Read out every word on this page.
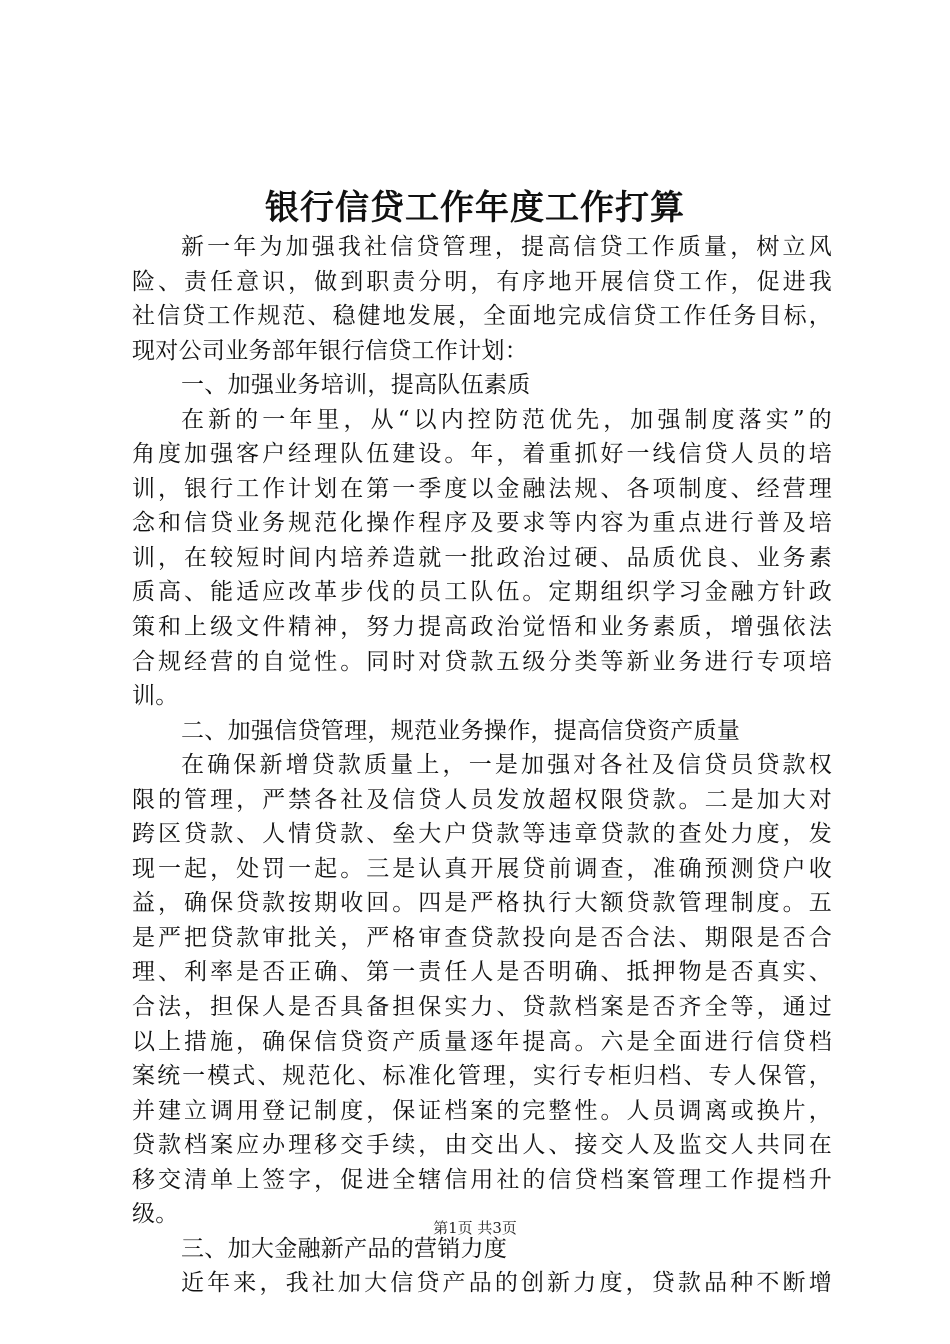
银行信贷工作年度工作打算
新一年为加强我社信贷管理，提高信贷工作质量，树立风
险、责任意识，做到职责分明，有序地开展信贷工作，促进我
社信贷工作规范、稳健地发展，全面地完成信贷工作任务目标，
现对公司业务部年银行信贷工作计划：
一、加强业务培训，提高队伍素质
在新的一年里，从“以内控防范优先，加强制度落实”的
角度加强客户经理队伍建设。年，着重抓好一线信贷人员的培
训，银行工作计划在第一季度以金融法规、各项制度、经营理
念和信贷业务规范化操作程序及要求等内容为重点进行普及培
训，在较短时间内培养造就一批政治过硬、品质优良、业务素
质高、能适应改革步伐的员工队伍。定期组织学习金融方针政
策和上级文件精神，努力提高政治觉悟和业务素质，增强依法
合规经营的自觉性。同时对贷款五级分类等新业务进行专项培
训。
二、加强信贷管理，规范业务操作，提高信贷资产质量
在确保新增贷款质量上，一是加强对各社及信贷员贷款权
限的管理，严禁各社及信贷人员发放超权限贷款。二是加大对
跨区贷款、人情贷款、垒大户贷款等违章贷款的查处力度，发
现一起，处罚一起。三是认真开展贷前调查，准确预测贷户收
益，确保贷款按期收回。四是严格执行大额贷款管理制度。五
是严把贷款审批关，严格审查贷款投向是否合法、期限是否合
理、利率是否正确、第一责任人是否明确、抵押物是否真实、
合法，担保人是否具备担保实力、贷款档案是否齐全等，通过
以上措施，确保信贷资产质量逐年提高。六是全面进行信贷档
案统一模式、规范化、标准化管理，实行专柜归档、专人保管，
并建立调用登记制度，保证档案的完整性。人员调离或换片，
贷款档案应办理移交手续，由交出人、接交人及监交人共同在
移交清单上签字，促进全辖信用社的信贷档案管理工作提档升
级。
三、加大金融新产品的营销力度
近年来，我社加大信贷产品的创新力度，贷款品种不断增
第1页 共3页
